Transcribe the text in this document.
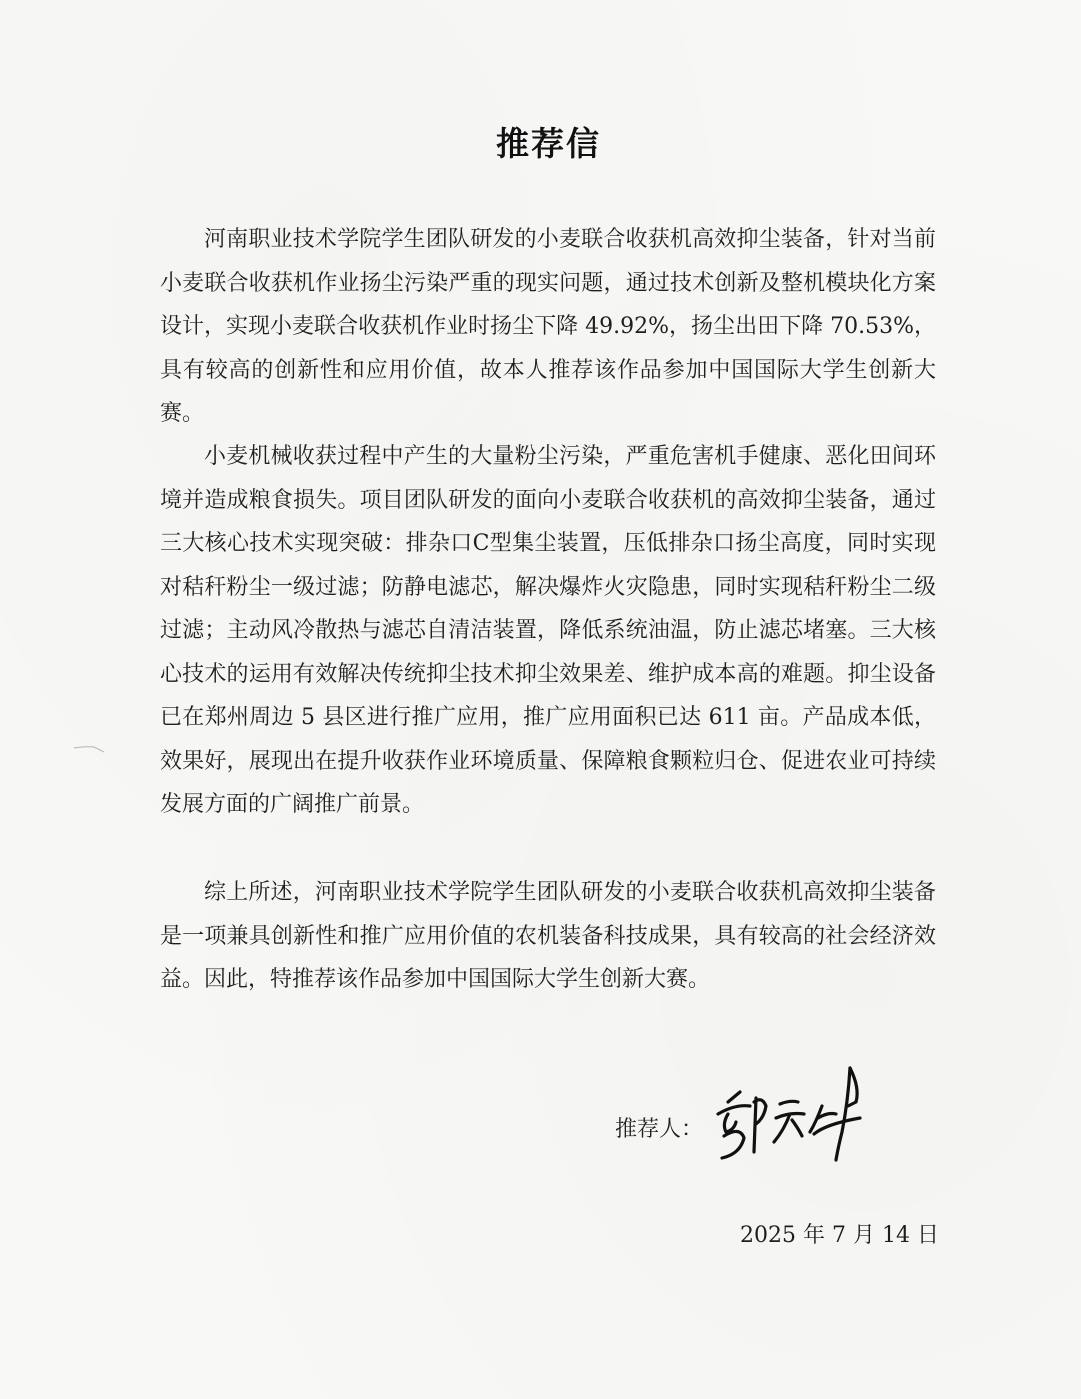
推荐信

河南职业技术学院学生团队研发的小麦联合收获机高效抑尘装备，针对当前小麦联合收获机作业扬尘污染严重的现实问题，通过技术创新及整机模块化方案设计，实现小麦联合收获机作业时扬尘下降 49.92%，扬尘出田下降 70.53%，具有较高的创新性和应用价值，故本人推荐该作品参加中国国际大学生创新大赛。

小麦机械收获过程中产生的大量粉尘污染，严重危害机手健康、恶化田间环境并造成粮食损失。项目团队研发的面向小麦联合收获机的高效抑尘装备，通过三大核心技术实现突破：排杂口C型集尘装置，压低排杂口扬尘高度，同时实现对秸秆粉尘一级过滤；防静电滤芯，解决爆炸火灾隐患，同时实现秸秆粉尘二级过滤；主动风冷散热与滤芯自清洁装置，降低系统油温，防止滤芯堵塞。三大核心技术的运用有效解决传统抑尘技术抑尘效果差、维护成本高的难题。抑尘设备已在郑州周边 5 县区进行推广应用，推广应用面积已达 611 亩。产品成本低，效果好，展现出在提升收获作业环境质量、保障粮食颗粒归仓、促进农业可持续发展方面的广阔推广前景。

综上所述，河南职业技术学院学生团队研发的小麦联合收获机高效抑尘装备是一项兼具创新性和推广应用价值的农机装备科技成果，具有较高的社会经济效益。因此，特推荐该作品参加中国国际大学生创新大赛。

推荐人：
2025 年 7 月 14 日
